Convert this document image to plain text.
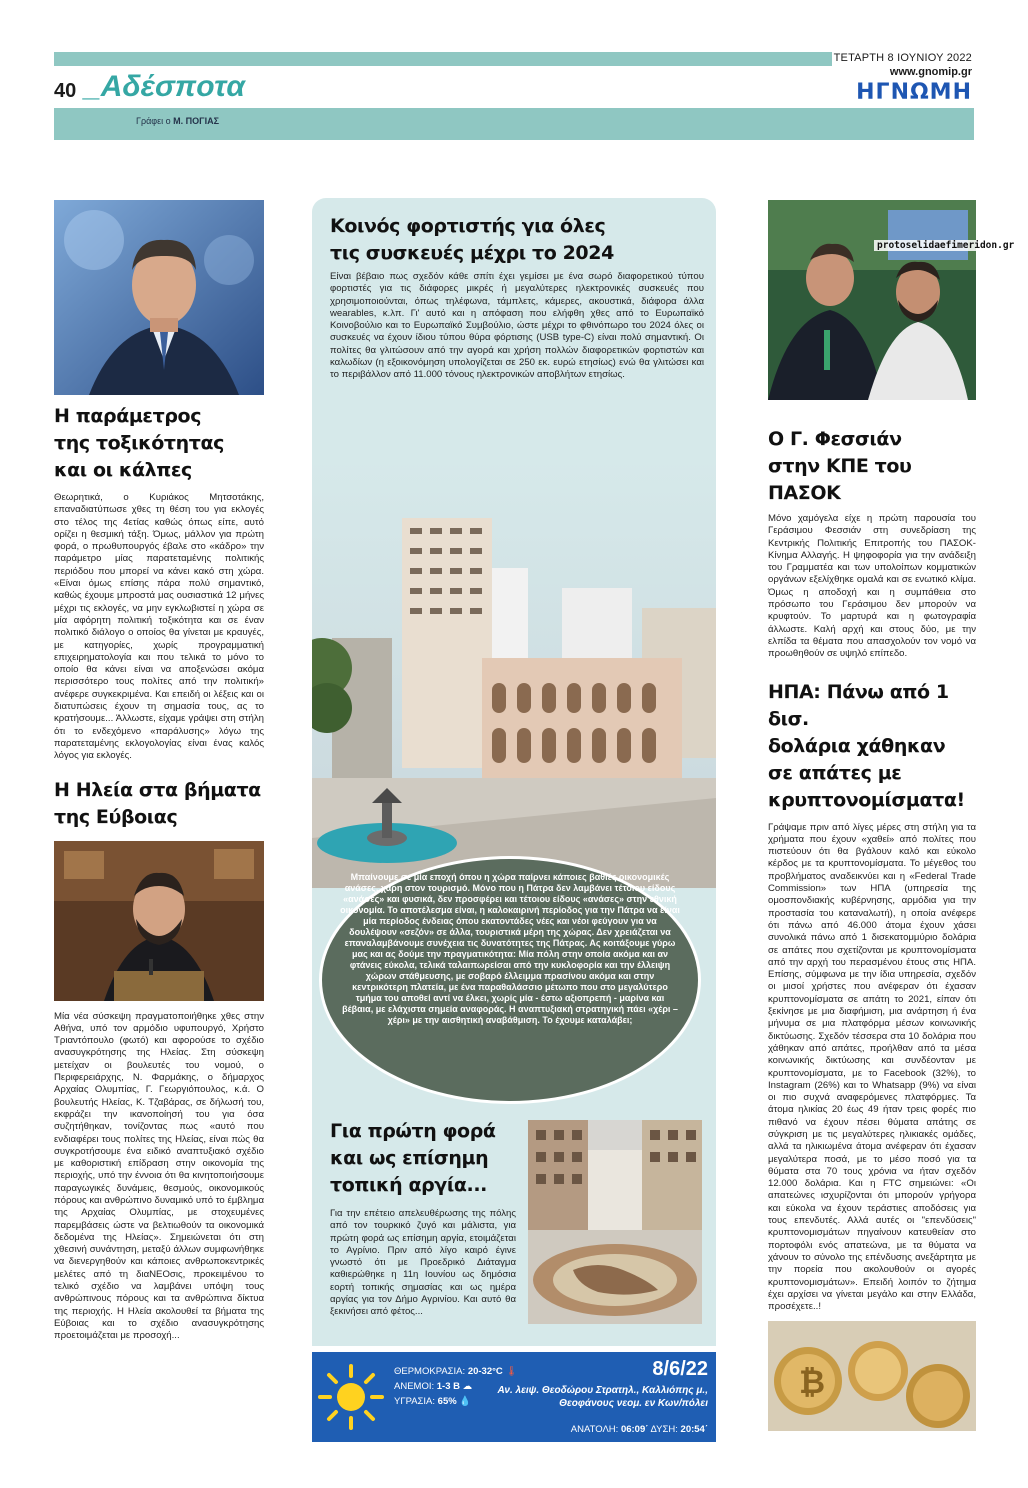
40 _Αδέσποτα
ΤΕΤΑΡΤΗ 8 ΙΟΥΝΙΟΥ 2022
www.gnomip.gr
ΗΓΝΩΜΗ
Γράφει ο Μ. ΠΟΓΙΑΣ
Η παράμετρος
της τοξικότητας
και οι κάλπες

Θεωρητικά, ο Κυριάκος Μητσοτάκης, επαναδιατύπωσε χθες τη θέση του για εκλογές στο τέλος της 4ετίας καθώς όπως είπε, αυτό ορίζει η θεσμική τάξη. Όμως, μάλλον για πρώτη φορά, ο πρωθυπουργός έβαλε στο «κάδρο» την παράμετρο μίας παρατεταμένης πολιτικής περιόδου που μπορεί να κάνει κακό στη χώρα. «Είναι όμως επίσης πάρα πολύ σημαντικό, καθώς έχουμε μπροστά μας ουσιαστικά 12 μήνες μέχρι τις εκλογές, να μην εγκλωβιστεί η χώρα σε μία αφόρητη πολιτική τοξικότητα και σε έναν πολιτικό διάλογο ο οποίος θα γίνεται με κραυγές, με κατηγορίες, χωρίς προγραμματική επιχειρηματολογία και που τελικά το μόνο το οποίο θα κάνει είναι να αποξενώσει ακόμα περισσότερο τους πολίτες από την πολιτική» ανέφερε συγκεκριμένα. Και επειδή οι λέξεις και οι διατυπώσεις έχουν τη σημασία τους, ας το κρατήσουμε... Άλλωστε, είχαμε γράψει στη στήλη ότι το ενδεχόμενο «παράλυσης» λόγω της παρατεταμένης εκλογολογίας είναι ένας καλός λόγος για εκλογές.

Η Ηλεία στα βήματα
της Εύβοιας

Μία νέα σύσκεψη πραγματοποιήθηκε χθες στην Αθήνα, υπό τον αρμόδιο υφυπουργό, Χρήστο Τριαντόπουλο (φωτό) και αφορούσε το σχέδιο ανασυγκρότησης της Ηλείας. Στη σύσκεψη μετείχαν οι βουλευτές του νομού, ο Περιφερειάρχης, Ν. Φαρμάκης, ο δήμαρχος Αρχαίας Ολυμπίας, Γ. Γεωργιόπουλος, κ.ά. Ο βουλευτής Ηλείας, Κ. Τζαβάρας, σε δήλωσή του, εκφράζει την ικανοποίησή του για όσα συζητήθηκαν, τονίζοντας πως «αυτό που ενδιαφέρει τους πολίτες της Ηλείας, είναι πώς θα συγκροτήσουμε ένα ειδικό αναπτυξιακό σχέδιο με καθοριστική επίδραση στην οικονομία της περιοχής, υπό την έννοια ότι θα κινητοποιήσουμε παραγωγικές δυνάμεις, θεσμούς, οικονομικούς πόρους και ανθρώπινο δυναμικό υπό το έμβλημα της Αρχαίας Ολυμπίας, με στοχευμένες παρεμβάσεις ώστε να βελτιωθούν τα οικονομικά δεδομένα της Ηλείας». Σημειώνεται ότι στη χθεσινή συνάντηση, μεταξύ άλλων συμφωνήθηκε να διενεργηθούν και κάποιες ανθρωποκεντρικές μελέτες από τη διαΝΕΟσις, προκειμένου το τελικό σχέδιο να λαμβάνει υπόψη τους ανθρώπινους πόρους και τα ανθρώπινα δίκτυα της περιοχής. Η Ηλεία ακολουθεί τα βήματα της Εύβοιας και το σχέδιο ανασυγκρότησης προετοιμάζεται με προσοχή...

Κοινός φορτιστής για όλες
τις συσκευές μέχρι το 2024

Είναι βέβαιο πως σχεδόν κάθε σπίτι έχει γεμίσει με ένα σωρό διαφορετικού τύπου φορτιστές για τις διάφορες μικρές ή μεγαλύτερες ηλεκτρονικές συσκευές που χρησιμοποιούνται, όπως τηλέφωνα, τάμπλετς, κάμερες, ακουστικά, διάφορα άλλα wearables, κ.λπ. Γι' αυτό και η απόφαση που ελήφθη χθες από το Ευρωπαϊκό Κοινοβούλιο και το Ευρωπαϊκό Συμβούλιο, ώστε μέχρι το φθινόπωρο του 2024 όλες οι συσκευές να έχουν ίδιου τύπου θύρα φόρτισης (USB type-C) είναι πολύ σημαντική. Οι πολίτες θα γλιτώσουν από την αγορά και χρήση πολλών διαφορετικών φορτιστών και καλωδίων (η εξοικονόμηση υπολογίζεται σε 250 εκ. ευρώ ετησίως) ενώ θα γλιτώσει και το περιβάλλον από 11.000 τόνους ηλεκτρονικών αποβλήτων ετησίως.

Μπαίνουμε σε μία εποχή όπου η χώρα παίρνει κάποιες βαθιές οικονομικές ανάσες, χάρη στον τουρισμό. Μόνο που η Πάτρα δεν λαμβάνει τέτοιου είδους «ανάσες» και φυσικά, δεν προσφέρει και τέτοιου είδους «ανάσες» στην εθνική οικονομία. Το αποτέλεσμα είναι, η καλοκαιρινή περίοδος για την Πάτρα να είναι μία περίοδος ένδειας όπου εκατοντάδες νέες και νέοι φεύγουν για να δουλέψουν «σεζόν» σε άλλα, τουριστικά μέρη της χώρας. Δεν χρειάζεται να επαναλαμβάνουμε συνέχεια τις δυνατότητες της Πάτρας. Ας κοιτάξουμε γύρω μας και ας δούμε την πραγματικότητα: Μία πόλη στην οποία ακόμα και αν φτάνεις εύκολα, τελικά ταλαιπωρείσαι από την κυκλοφορία και την έλλειψη χώρων στάθμευσης, με σοβαρό έλλειμμα πρασίνου ακόμα και στην κεντρικότερη πλατεία, με ένα παραθαλάσσιο μέτωπο που στο μεγαλύτερο τμήμα του αποθεί αντί να έλκει, χωρίς μία - έστω αξιοπρεπή - μαρίνα και βέβαια, με ελάχιστα σημεία αναφοράς. Η αναπτυξιακή στρατηγική πάει «χέρι – χέρι» με την αισθητική αναβάθμιση. Το έχουμε καταλάβει;

Για πρώτη φορά
και ως επίσημη
τοπική αργία...

Για την επέτειο απελευθέρωσης της πόλης από τον τουρκικό ζυγό και μάλιστα, για πρώτη φορά ως επίσημη αργία, ετοιμάζεται το Αγρίνιο. Πριν από λίγο καιρό έγινε γνωστό ότι με Προεδρικό Διάταγμα καθιερώθηκε η 11η Ιουνίου ως δημόσια εορτή τοπικής σημασίας και ως ημέρα αργίας για τον Δήμο Αγρινίου. Και αυτό θα ξεκινήσει από φέτος...

ΘΕΡΜΟΚΡΑΣΙΑ: 20-32°C 🌡
ΑΝΕΜΟΙ: 1-3 Β ☁
ΥΓΡΑΣΙΑ: 65% 💧
8/6/22
Αν. λειψ. Θεοδώρου Στρατηλ., Καλλιόπης μ., Θεοφάνους νεομ. εν Κων/πόλει
ΑΝΑΤΟΛΗ: 06:09΄ ΔΥΣΗ: 20:54΄
Ο Γ. Φεσσιάν
στην ΚΠΕ του ΠΑΣΟΚ

Μόνο χαμόγελα είχε η πρώτη παρουσία του Γεράσιμου Φεσσιάν στη συνεδρίαση της Κεντρικής Πολιτικής Επιτροπής του ΠΑΣΟΚ- Κίνημα Αλλαγής. Η ψηφοφορία για την ανάδειξη του Γραμματέα και των υπολοίπων κομματικών οργάνων εξελίχθηκε ομαλά και σε ενωτικό κλίμα. Όμως η αποδοχή και η συμπάθεια στο πρόσωπο του Γεράσιμου δεν μπορούν να κρυφτούν. Το μαρτυρά και η φωτογραφία άλλωστε. Καλή αρχή και στους δύο, με την ελπίδα τα θέματα που απασχολούν τον νομό να προωθηθούν σε υψηλό επίπεδο.

ΗΠΑ: Πάνω από 1 δισ.
δολάρια χάθηκαν
σε απάτες με
κρυπτονομίσματα!

Γράψαμε πριν από λίγες μέρες στη στήλη για τα χρήματα που έχουν «χαθεί» από πολίτες που πιστεύουν ότι θα βγάλουν καλό και εύκολο κέρδος με τα κρυπτονομίσματα. Το μέγεθος του προβλήματος αναδεικνύει και η «Federal Trade Commission» των ΗΠΑ (υπηρεσία της ομοσπονδιακής κυβέρνησης, αρμόδια για την προστασία του καταναλωτή), η οποία ανέφερε ότι πάνω από 46.000 άτομα έχουν χάσει συνολικά πάνω από 1 δισεκατομμύριο δολάρια σε απάτες που σχετίζονται με κρυπτονομίσματα από την αρχή του περασμένου έτους στις ΗΠΑ. Επίσης, σύμφωνα με την ίδια υπηρεσία, σχεδόν οι μισοί χρήστες που ανέφεραν ότι έχασαν κρυπτονομίσματα σε απάτη το 2021, είπαν ότι ξεκίνησε με μια διαφήμιση, μια ανάρτηση ή ένα μήνυμα σε μια πλατφόρμα μέσων κοινωνικής δικτύωσης. Σχεδόν τέσσερα στα 10 δολάρια που χάθηκαν από απάτες, προήλθαν από τα μέσα κοινωνικής δικτύωσης και συνδέονταν με κρυπτονομίσματα, με το Facebook (32%), το Instagram (26%) και το Whatsapp (9%) να είναι οι πιο συχνά αναφερόμενες πλατφόρμες. Τα άτομα ηλικίας 20 έως 49 ήταν τρεις φορές πιο πιθανό να έχουν πέσει θύματα απάτης σε σύγκριση με τις μεγαλύτερες ηλικιακές ομάδες, αλλά τα ηλικιωμένα άτομα ανέφεραν ότι έχασαν μεγαλύτερα ποσά, με το μέσο ποσό για τα θύματα στα 70 τους χρόνια να ήταν σχεδόν 12.000 δολάρια. Και η FTC σημειώνει: «Οι απατεώνες ισχυρίζονται ότι μπορούν γρήγορα και εύκολα να έχουν τεράστιες αποδόσεις για τους επενδυτές. Αλλά αυτές οι "επενδύσεις" κρυπτονομισμάτων πηγαίνουν κατευθείαν στο πορτοφόλι ενός απατεώνα, με τα θύματα να χάνουν το σύνολο της επένδυσης ανεξάρτητα με την πορεία που ακολουθούν οι αγορές κρυπτονομισμάτων». Επειδή λοιπόν το ζήτημα έχει αρχίσει να γίνεται μεγάλο και στην Ελλάδα, προσέχετε..!

₿
protoselidaefimeridon.gr
